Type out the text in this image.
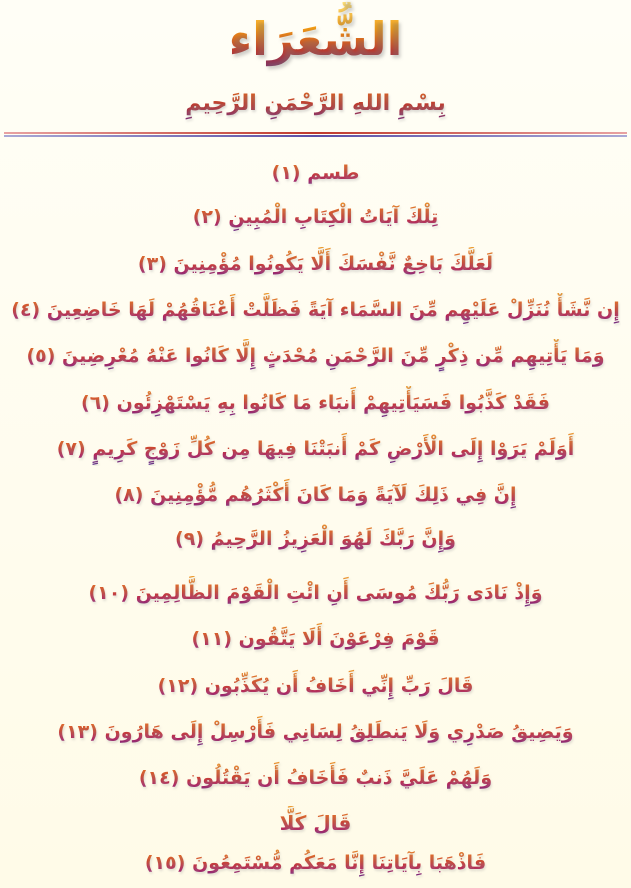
الشُّعَرَاء
بِسْمِ اللهِ الرَّحْمَنِ الرَّحِيمِ
طسم (١)
تِلْكَ آيَاتُ الْكِتَابِ الْمُبِينِ (٢)
لَعَلَّكَ بَاخِعٌ نَّفْسَكَ أَلَّا يَكُونُوا مُؤْمِنِينَ (٣)
إِن نَّشَأْ نُنَزِّلْ عَلَيْهِم مِّنَ السَّمَاء آيَةً فَظَلَّتْ أَعْنَاقُهُمْ لَهَا خَاضِعِينَ (٤)
وَمَا يَأْتِيهِم مِّن ذِكْرٍ مِّنَ الرَّحْمَنِ مُحْدَثٍ إِلَّا كَانُوا عَنْهُ مُعْرِضِينَ (٥)
فَقَدْ كَذَّبُوا فَسَيَأْتِيهِمْ أَنبَاء مَا كَانُوا بِهِ يَسْتَهْزِئُون (٦)
أَوَلَمْ يَرَوْا إِلَى الْأَرْضِ كَمْ أَنبَتْنَا فِيهَا مِن كُلِّ زَوْجٍ كَرِيمٍ (٧)
إِنَّ فِي ذَلِكَ لَآيَةً وَمَا كَانَ أَكْثَرُهُم مُّؤْمِنِينَ (٨)
وَإِنَّ رَبَّكَ لَهُوَ الْعَزِيزُ الرَّحِيمُ (٩)
وَإِذْ نَادَى رَبُّكَ مُوسَى أَنِ ائْتِ الْقَوْمَ الظَّالِمِينَ (١٠)
قَوْمَ فِرْعَوْنَ أَلَا يَتَّقُون (١١)
قَالَ رَبِّ إِنِّي أَخَافُ أَن يُكَذِّبُون (١٢)
وَيَضِيقُ صَدْرِي وَلَا يَنطَلِقُ لِسَانِي فَأَرْسِلْ إِلَى هَارُونَ (١٣)
وَلَهُمْ عَلَيَّ ذَنبٌ فَأَخَافُ أَن يَقْتُلُون (١٤)
قَالَ كَلَّا
فَاذْهَبَا بِآيَاتِنَا إِنَّا مَعَكُم مُّسْتَمِعُونَ (١٥)
